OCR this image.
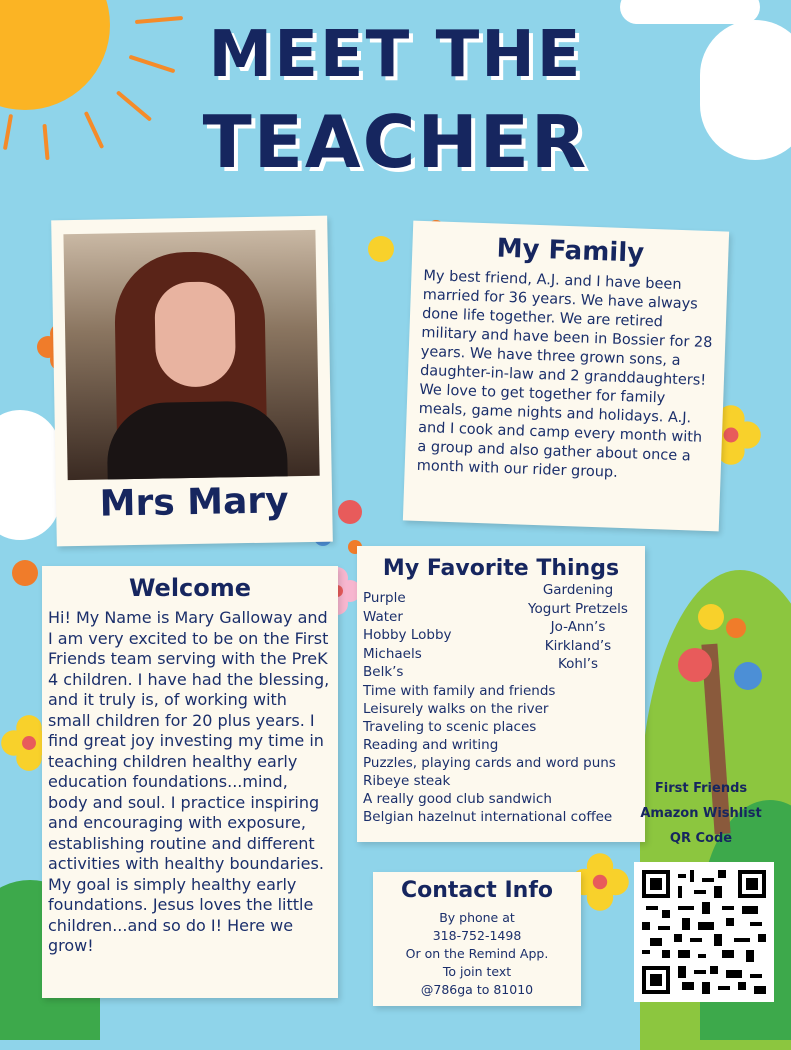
MEET THE
TEACHER
Mrs Mary
My Family

My best friend, A.J. and I have been married for 36 years. We have always done life together. We are retired military and have been in Bossier for 28 years. We have three grown sons, a daughter-in-law and 2 granddaughters! We love to get together for family meals, game nights and holidays. A.J. and I cook and camp every month with a group and also gather about once a month with our rider group.

Welcome

Hi! My Name is Mary Galloway and I am very excited to be on the First Friends team serving with the PreK 4 children. I have had the blessing, and it truly is, of working with small children for 20 plus years. I find great joy investing my time in teaching children healthy early education foundations...mind, body and soul. I practice inspiring and encouraging with exposure, establishing routine and different activities with healthy boundaries. My goal is simply healthy early foundations. Jesus loves the little children...and so do I! Here we grow!

My Favorite Things
Purple
Water
Hobby Lobby
Michaels
Belk’s
Gardening
Yogurt Pretzels
Jo-Ann’s
Kirkland’s
Kohl’s
Time with family and friends
Leisurely walks on the river
Traveling to scenic places
Reading and writing
Puzzles, playing cards and word puns
Ribeye steak
A really good club sandwich
Belgian hazelnut international coffee
Contact Info

By phone at

318-752-1498

Or on the Remind App.

To join text

@786ga to 81010

First Friends
Amazon Wishlist
QR Code
